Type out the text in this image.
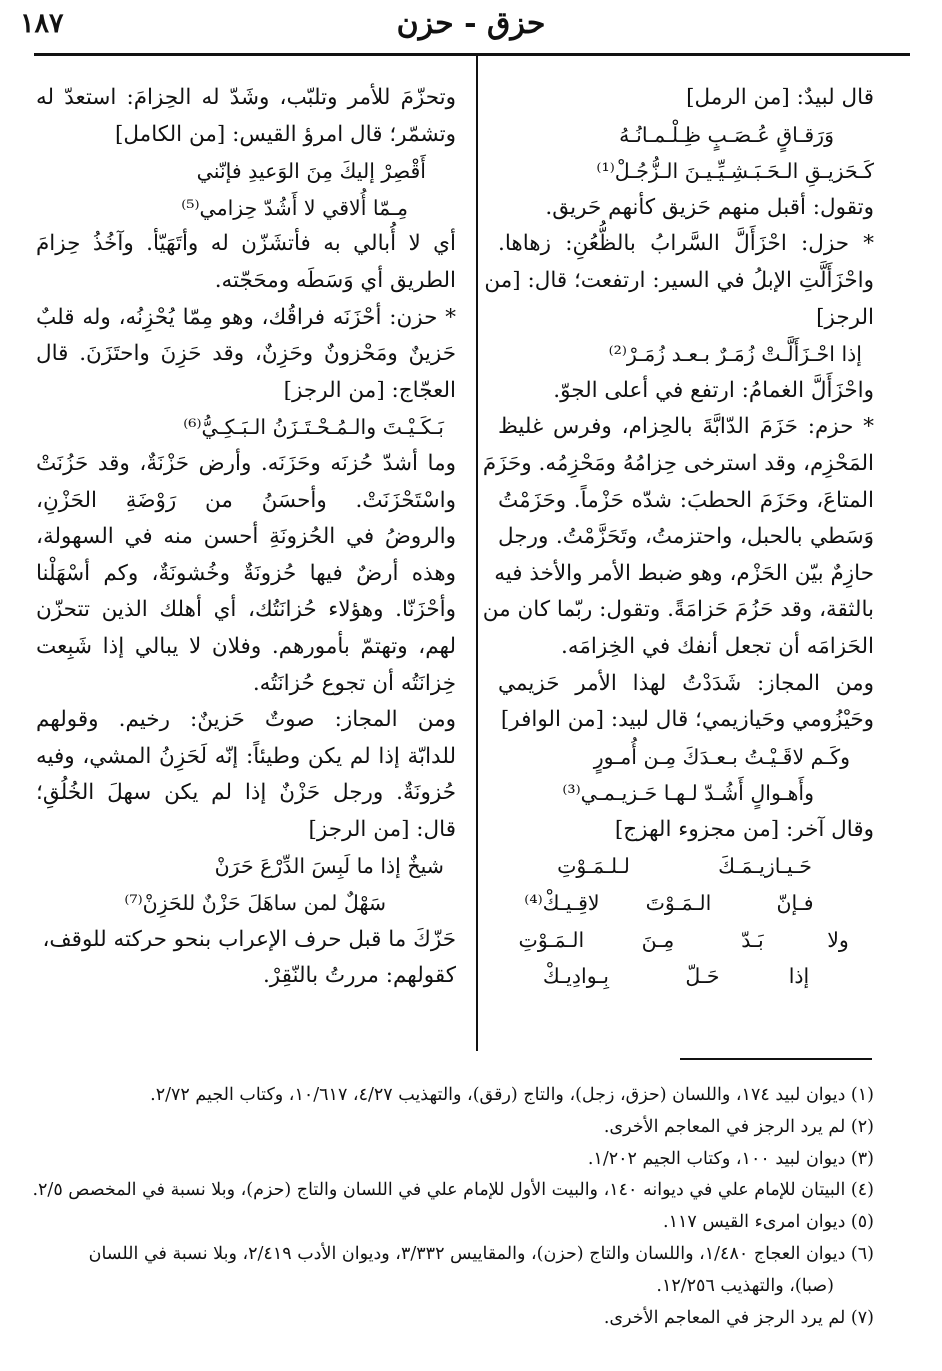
١٨٧	حزق - حزن
قال لبيدٌ: [من الرمل]
وَرَقـاقٍ عُـصَـبٍ ظِـلْـمـانُـهُ
كَـحَزيـقِ الـحَـبَـشِـيِّـيـنَ الـزُّجُـلْ⁽¹⁾
وتقول: أقبل منهم حَزيق كأنهم حَريق.
* حزل: احْزَأَلَّ السَّرابُ بالظُّعُنِ: زهاها.
واحْزَأَلَّتِ الإبلُ في السير: ارتفعت؛ قال: [من
الرجز]
إذا احْـزَأَلَّـتْ زُمَـرٌ بـعـد زُمَـرْ⁽²⁾
واحْزَأَلَّ الغمامُ: ارتفع في أعلى الجوّ.
* حزم: حَزَمَ الدّابَّةَ بالحِزام، وفرس غليظ
المَحْزِم، وقد استرخى حِزامُهُ ومَحْزِمُه. وحَزَمَ
المتاعَ، وحَزَمَ الحطبَ: شدّه حَزْماً. وحَزَمْتُ
وَسَطي بالحبل، واحتزمتُ، وتَحَزَّمْتُ. ورجل
حازِمٌ بيّن الحَزْم، وهو ضبط الأمر والأخذ فيه
بالثقة، وقد حَزُمَ حَزامَةً. وتقول: ربّما كان من
الحَزامَه أن تجعل أنفك في الخِزامَه.
ومن المجاز: شَدَدْتُ لهذا الأمر حَزيمي
وحَيْزُومي وحَيازيمي؛ قال لبيد: [من الوافر]
وكَـم لاقَـيْـتُ بـعـدَكَ مِـن أُمـورٍ
وأَهـوالٍ أَشُـدّ لـهـا حَـزيـمـي⁽³⁾
وقال آخر: [من مجزوء الهزج]
حَـيـازيـمَـكَ لـلـمَـوْتِ
فـإنّ الـمَـوْتَ لاقِـيـكْ⁽⁴⁾
ولا بَـدّ مِـنَ الـمَـوْتِ
إذا حَـلّ بِـوادِيـكْ
وتحزّمَ للأمر وتلبّب، وشَدّ له الحِزامَ: استعدّ له
وتشمّر؛ قال امرؤ القيس: [من الكامل]
أَقْصِرْ إليكَ مِنَ الوَعيدِ فإنّني
مِـمّا أُلاقي لا أَشُدّ حِزامي⁽⁵⁾
أي لا أُبالي به فأتشَزّن له وأتَهَيّأ. وآخُذُ حِزامَ
الطريق أي وَسَطَه ومحَجّته.
* حزن: أحْزَنَه فراقُك، وهو مِمّا يُحْزِنُه، وله قلبٌ
حَزينٌ ومَحْزونٌ وحَزِنٌ، وقد حَزِنَ واحتَزَنَ. قال
العجّاج: [من الرجز]
بَـكَـيْـتَ والـمُـحْـتَـزَنُ الـبَـكِـيُّ⁽⁶⁾
وما أشدّ حُزنَه وحَزَنَه. وأرض حَزْنَةٌ، وقد حَزُنَتْ
واسْتَحْزَنَتْ. وأحسَنُ من رَوْضَةِ الحَزْنِ،
والروضُ في الحُزونَةِ أحسن منه في السهولة،
وهذه أرضٌ فيها حُزونَةٌ وخُشونَةٌ، وكم أسْهَلْنا
وأحْزَنّا. وهؤلاء حُزانَتُك، أي أهلك الذين تتحزّن
لهم، وتهتمّ بأمورهم. وفلان لا يبالي إذا شَبِعت
خِزانَتُه أن تجوع حُزانَتُه.
ومن المجاز: صوتٌ حَزينٌ: رخيم. وقولهم
للدابّة إذا لم يكن وطيئاً: إنّه لَحَزِنُ المشي، وفيه
حُزونَةٌ. ورجل حَزْنٌ إذا لم يكن سهلَ الخُلُقِ؛
قال: [من الرجز]
شيخٌ إذا ما لَبِسَ الدِّرْعَ حَرَنْ
سَهْلٌ لمن ساهَلَ حَزْنٌ للحَزِنْ⁽⁷⁾
حَزّكَ ما قبل حرف الإعراب بنحو حركته للوقف،
كقولهم: مررتُ بالنّقِرْ.
(١) ديوان لبيد ١٧٤، واللسان (حزق، زجل)، والتاج (رقق)، والتهذيب ٤/٢٧، ١٠/٦١٧، وكتاب الجيم ٢/٧٢.
(٢) لم يرد الرجز في المعاجم الأخرى.
(٣) ديوان لبيد ١٠٠، وكتاب الجيم ١/٢٠٢.
(٤) البيتان للإمام علي في ديوانه ١٤٠، والبيت الأول للإمام علي في اللسان والتاج (حزم)، وبلا نسبة في المخصص ٢/٥.
(٥) ديوان امرىء القيس ١١٧.
(٦) ديوان العجاج ١/٤٨٠، واللسان والتاج (حزن)، والمقاييس ٣/٣٣٢، وديوان الأدب ٢/٤١٩، وبلا نسبة في اللسان
(صبا)، والتهذيب ١٢/٢٥٦.
(٧) لم يرد الرجز في المعاجم الأخرى.
